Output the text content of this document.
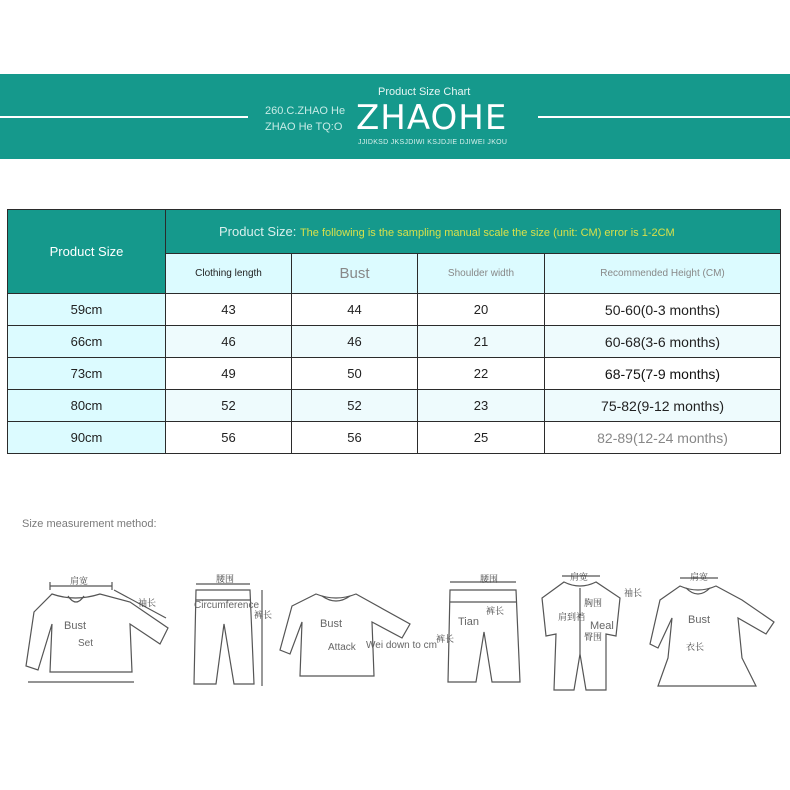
260.C.ZHAO He ZHAO He TQ:O
Product Size Chart
ZHAOHE
JJIDKSD JKSJDIWI KSJDJIE DJIWEI JKOU
Product Size	Product Size: The following is the sampling manual scale the size (unit: CM) error is 1-2CM			
	Clothing length	Bust	Shoulder width	Recommended Height (CM)
59cm	43	44	20	50-60(0-3 months)
66cm	46	46	21	60-68(3-6 months)
73cm	49	50	22	68-75(7-9 months)
80cm	52	52	23	75-82(9-12 months)
90cm	56	56	25	82-89(12-24 months)
Size measurement method:
肩宽
袖长
Bust
Set
腰围
裤长
Circumference
Bust
Attack Wei down to cm
腰围
裤长
裤长
Tian
肩宽
胸围
袖长
肩到裆
臀围
Meal
肩宽
Bust
衣长
